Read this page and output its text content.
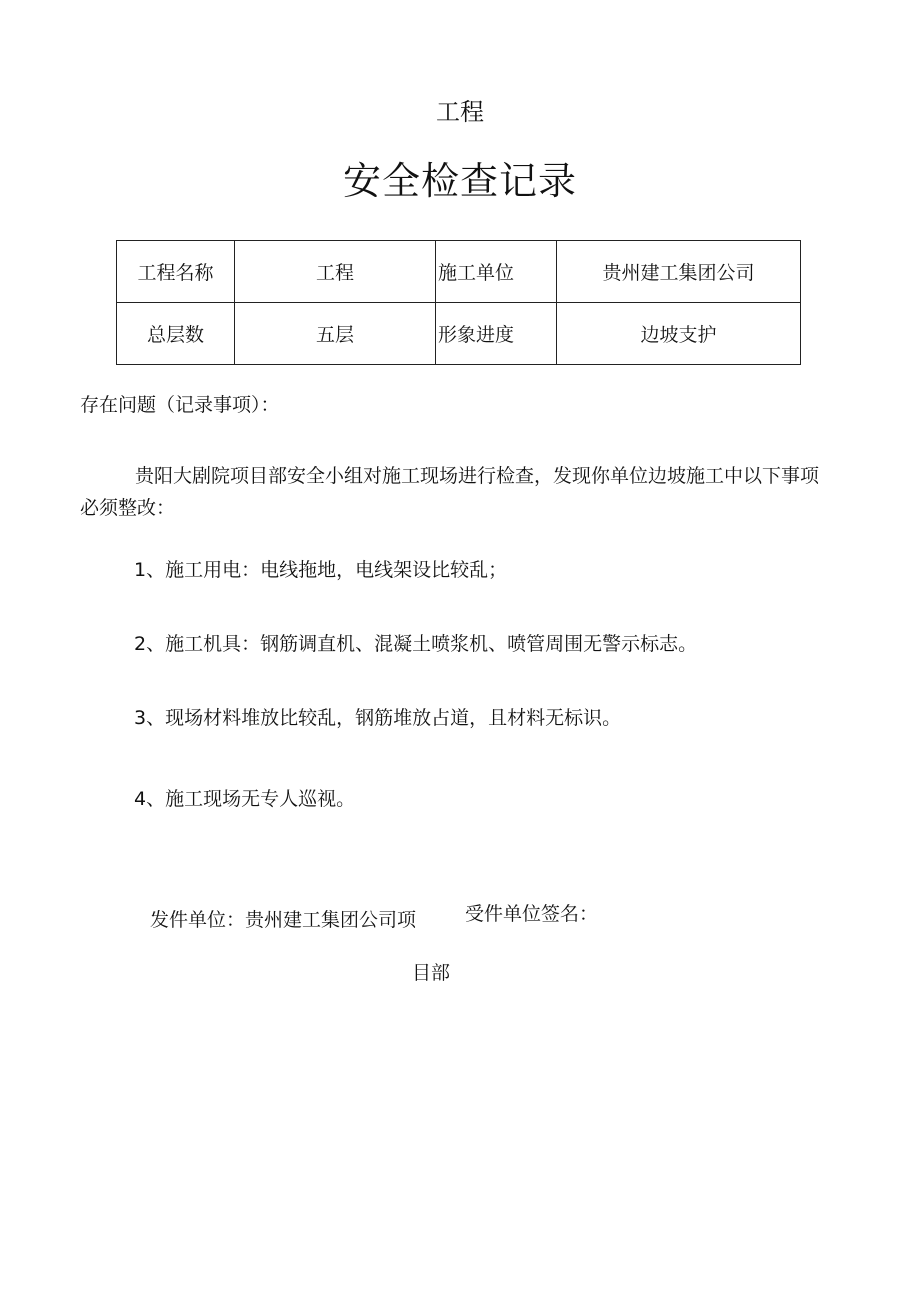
工程
安全检查记录
工程名称	工程	施工单位	贵州建工集团公司
总层数	五层	形象进度	边坡支护
存在问题（记录事项）：
贵阳大剧院项目部安全小组对施工现场进行检查，发现你单位边坡施工中以下事项必须整改：
1、施工用电：电线拖地，电线架设比较乱；
2、施工机具：钢筋调直机、混凝土喷浆机、喷管周围无警示标志。
3、现场材料堆放比较乱，钢筋堆放占道，且材料无标识。
4、施工现场无专人巡视。
发件单位：贵州建工集团公司项
目部
受件单位签名：
